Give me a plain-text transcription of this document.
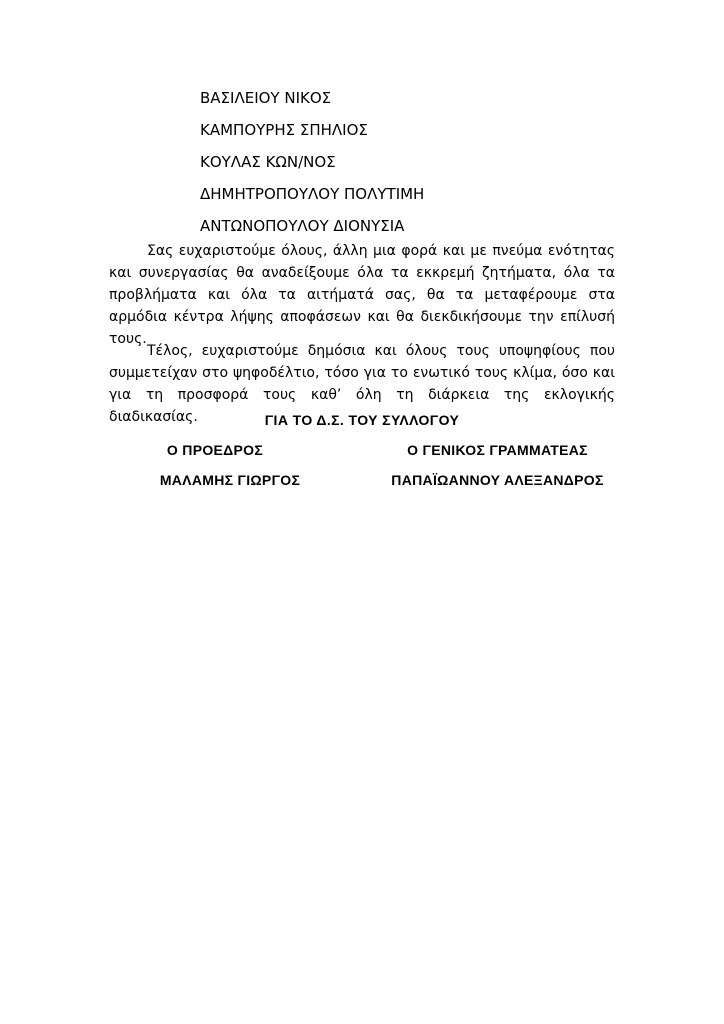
ΒΑΣΙΛΕΙΟΥ ΝΙΚΟΣ
ΚΑΜΠΟΥΡΗΣ ΣΠΗΛΙΟΣ
ΚΟΥΛΑΣ ΚΩΝ/ΝΟΣ
ΔΗΜΗΤΡΟΠΟΥΛΟΥ ΠΟΛΥΤΙΜΗ
ΑΝΤΩΝΟΠΟΥΛΟΥ ΔΙΟΝΥΣΙΑ

Σας ευχαριστούμε όλους, άλλη μια φορά και με πνεύμα ενότητας και συνεργασίας θα αναδείξουμε όλα τα εκκρεμή ζητήματα, όλα τα προβλήματα και όλα τα αιτήματά σας, θα τα μεταφέρουμε στα αρμόδια κέντρα λήψης αποφάσεων και θα διεκδικήσουμε την επίλυσή τους.

Τέλος, ευχαριστούμε δημόσια και όλους τους υποψηφίους που συμμετείχαν στο ψηφοδέλτιο, τόσο για το ενωτικό τους κλίμα, όσο και για τη προσφορά τους καθ’ όλη τη διάρκεια της εκλογικής διαδικασίας.	ΓΙΑ ΤΟ Δ.Σ. ΤΟΥ ΣΥΛΛΟΓΟΥ
Ο ΠΡΟΕΔΡΟΣ	Ο ΓΕΝΙΚΟΣ ΓΡΑΜΜΑΤΕΑΣ
ΜΑΛΑΜΗΣ ΓΙΩΡΓΟΣ	ΠΑΠΑΪΩΑΝΝΟΥ ΑΛΕΞΑΝΔΡΟΣ
